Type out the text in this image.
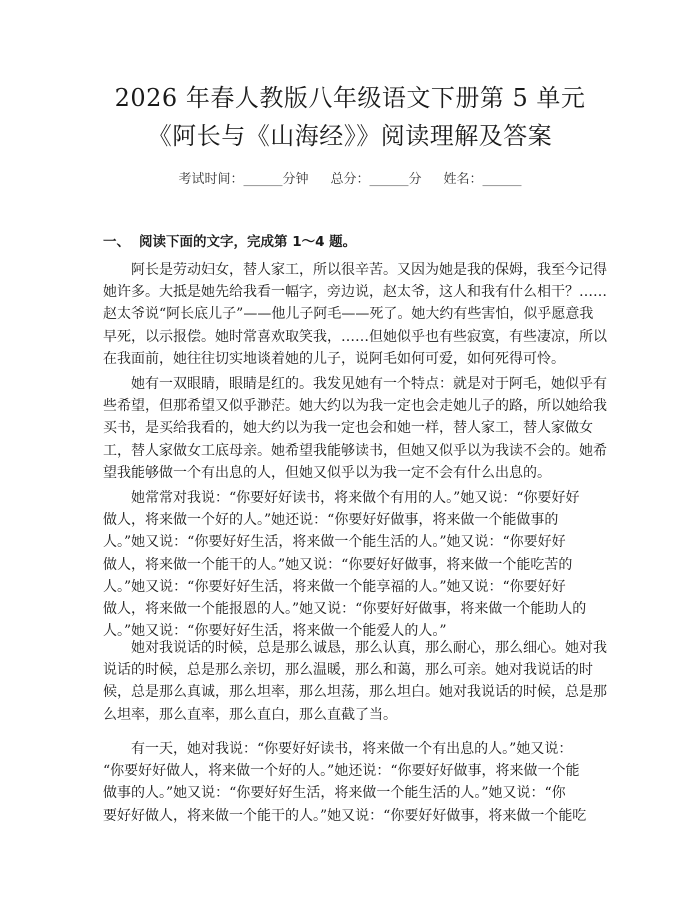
2026 年春人教版八年级语文下册第 5 单元
《阿长与《山海经》》阅读理解及答案
考试时间：______分钟 总分：______分 姓名：______
一、 阅读下面的文字，完成第 1～4 题。
阿长是劳动妇女，替人家工，所以很辛苦。又因为她是我的保姆，我至今记得
她许多。大抵是她先给我看一幅字，旁边说，赵太爷，这人和我有什么相干？……
赵太爷说“阿长底儿子”——他儿子阿毛——死了。她大约有些害怕，似乎愿意我
早死，以示报偿。她时常喜欢取笑我，……但她似乎也有些寂寞，有些凄凉，所以
在我面前，她往往切实地谈着她的儿子，说阿毛如何可爱，如何死得可怜。
她有一双眼睛，眼睛是红的。我发见她有一个特点：就是对于阿毛，她似乎有
些希望，但那希望又似乎渺茫。她大约以为我一定也会走她儿子的路，所以她给我
买书，是买给我看的，她大约以为我一定也会和她一样，替人家工，替人家做女
工，替人家做女工底母亲。她希望我能够读书，但她又似乎以为我读不会的。她希
望我能够做一个有出息的人，但她又似乎以为我一定不会有什么出息的。
她常常对我说：“你要好好读书，将来做个有用的人。”她又说：“你要好好
做人，将来做一个好的人。”她还说：“你要好好做事，将来做一个能做事的
人。”她又说：“你要好好生活，将来做一个能生活的人。”她又说：“你要好好
做人，将来做一个能干的人。”她又说：“你要好好做事，将来做一个能吃苦的
人。”她又说：“你要好好生活，将来做一个能享福的人。”她又说：“你要好好
做人，将来做一个能报恩的人。”她又说：“你要好好做事，将来做一个能助人的
人。”她又说：“你要好好生活，将来做一个能爱人的人。”
她对我说话的时候，总是那么诚恳，那么认真，那么耐心，那么细心。她对我
说话的时候，总是那么亲切，那么温暖，那么和蔼，那么可亲。她对我说话的时
候，总是那么真诚，那么坦率，那么坦荡，那么坦白。她对我说话的时候，总是那
么坦率，那么直率，那么直白，那么直截了当。
有一天，她对我说：“你要好好读书，将来做一个有出息的人。”她又说：
“你要好好做人，将来做一个好的人。”她还说：“你要好好做事，将来做一个能
做事的人。”她又说：“你要好好生活，将来做一个能生活的人。”她又说：“你
要好好做人，将来做一个能干的人。”她又说：“你要好好做事，将来做一个能吃
